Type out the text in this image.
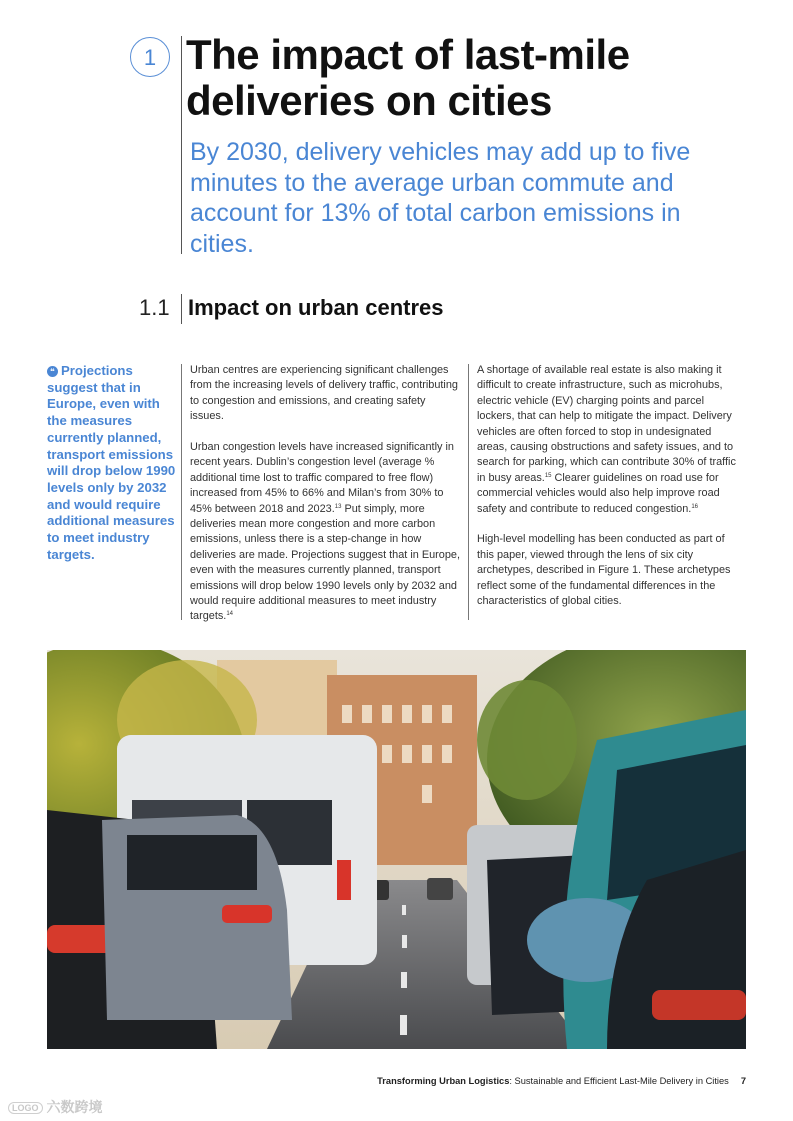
1 The impact of last-mile
deliveries on cities
By 2030, delivery vehicles may add up to five minutes to the average urban commute and account for 13% of total carbon emissions in cities.
1.1 Impact on urban centres
❝ Projections suggest that in Europe, even with the measures currently planned, transport emissions will drop below 1990 levels only by 2032 and would require additional measures to meet industry targets.

Urban centres are experiencing significant challenges from the increasing levels of delivery traffic, contributing to congestion and emissions, and creating safety issues.

Urban congestion levels have increased significantly in recent years. Dublin’s congestion level (average % additional time lost to traffic compared to free flow) increased from 45% to 66% and Milan’s from 30% to 45% between 2018 and 2023.13 Put simply, more deliveries mean more congestion and more carbon emissions, unless there is a step-change in how deliveries are made. Projections suggest that in Europe, even with the measures currently planned, transport emissions will drop below 1990 levels only by 2032 and would require additional measures to meet industry targets.$^{14}$

A shortage of available real estate is also making it difficult to create infrastructure, such as microhubs, electric vehicle (EV) charging points and parcel lockers, that can help to mitigate the impact. Delivery vehicles are often forced to stop in undesignated areas, causing obstructions and safety issues, and to search for parking, which can contribute 30% of traffic in busy areas.$^{15}$ Clearer guidelines on road use for commercial vehicles would also help improve road safety and contribute to reduced congestion.$^{16}$

High-level modelling has been conducted as part of this paper, viewed through the lens of six city archetypes, described in Figure 1. These archetypes reflect some of the fundamental differences in the characteristics of global cities.

Transforming Urban Logistics: Sustainable and Efficient Last-Mile Delivery in Cities 7
LOGO 六数跨境
